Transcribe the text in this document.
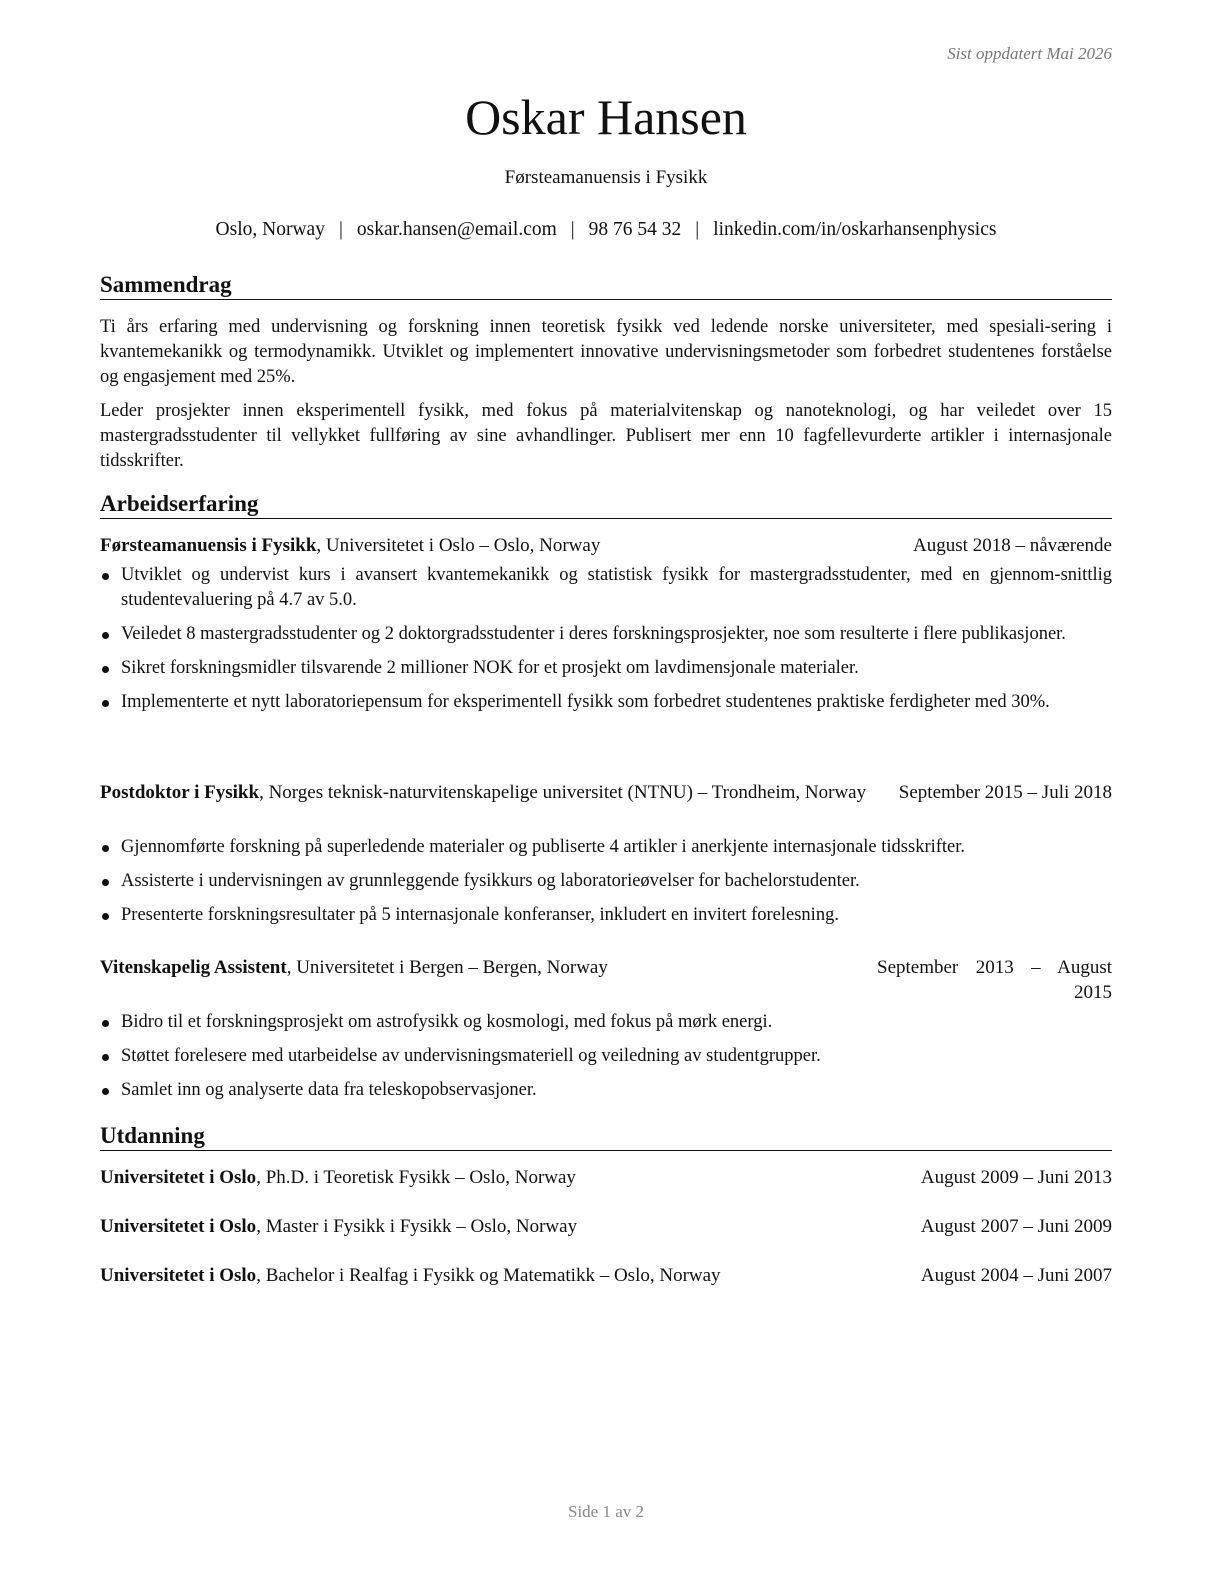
Sist oppdatert Mai 2026
Oskar Hansen
Førsteamanuensis i Fysikk
Oslo, Norway | oskar.hansen@email.com | 98 76 54 32 | linkedin.com/in/oskarhansenphysics
Sammendrag
Ti års erfaring med undervisning og forskning innen teoretisk fysikk ved ledende norske universiteter, med spesiali-sering i kvantemekanikk og termodynamikk. Utviklet og implementert innovative undervisningsmetoder som forbedret studentenes forståelse og engasjement med 25%.
Leder prosjekter innen eksperimentell fysikk, med fokus på materialvitenskap og nanoteknologi, og har veiledet over 15 mastergradsstudenter til vellykket fullføring av sine avhandlinger. Publisert mer enn 10 fagfellevurderte artikler i internasjonale tidsskrifter.
Arbeidserfaring
Førsteamanuensis i Fysikk, Universitetet i Oslo – Oslo, Norway	August 2018 – nåværende
Utviklet og undervist kurs i avansert kvantemekanikk og statistisk fysikk for mastergradsstudenter, med en gjennom-snittlig studentevaluering på 4.7 av 5.0.
Veiledet 8 mastergradsstudenter og 2 doktorgradsstudenter i deres forskningsprosjekter, noe som resulterte i flere publikasjoner.
Sikret forskningsmidler tilsvarende 2 millioner NOK for et prosjekt om lavdimensjonale materialer.
Implementerte et nytt laboratoriepensum for eksperimentell fysikk som forbedret studentenes praktiske ferdigheter med 30%.
Postdoktor i Fysikk, Norges teknisk-naturvitenskapelige universitet (NTNU) – Trondheim, Norway	September 2015 – Juli 2018
Gjennomførte forskning på superledende materialer og publiserte 4 artikler i anerkjente internasjonale tidsskrifter.
Assisterte i undervisningen av grunnleggende fysikkurs og laboratorieøvelser for bachelorstudenter.
Presenterte forskningsresultater på 5 internasjonale konferanser, inkludert en invitert forelesning.
Vitenskapelig Assistent, Universitetet i Bergen – Bergen, Norway	September 2013 – August 2015
Bidro til et forskningsprosjekt om astrofysikk og kosmologi, med fokus på mørk energi.
Støttet forelesere med utarbeidelse av undervisningsmateriell og veiledning av studentgrupper.
Samlet inn og analyserte data fra teleskopobservasjoner.
Utdanning
Universitetet i Oslo, Ph.D. i Teoretisk Fysikk – Oslo, Norway	August 2009 – Juni 2013
Universitetet i Oslo, Master i Fysikk i Fysikk – Oslo, Norway	August 2007 – Juni 2009
Universitetet i Oslo, Bachelor i Realfag i Fysikk og Matematikk – Oslo, Norway	August 2004 – Juni 2007
Side 1 av 2
